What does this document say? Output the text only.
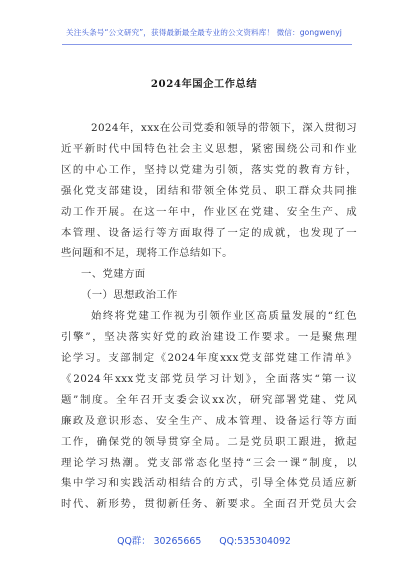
关注头条号“公文研究”，获得最新最全最专业的公文资料库！ 微信：gongwenyj
2024年国企工作总结

2024年，xxx在公司党委和领导的带领下，深入贯彻习
近平新时代中国特色社会主义思想，紧密围绕公司和作业
区的中心工作，坚持以党建为引领，落实党的教育方针，
强化党支部建设，团结和带领全体党员、职工群众共同推
动工作开展。在这一年中，作业区在党建、安全生产、成
本管理、设备运行等方面取得了一定的成就，也发现了一
些问题和不足，现将工作总结如下。

一、党建方面

（一）思想政治工作

始终将党建工作视为引领作业区高质量发展的“红色
引擎”，坚决落实好党的政治建设工作要求。一是聚焦理
论学习。支部制定《2024年度xxx党支部党建工作清单》
《2024年xxx党支部党员学习计划》，全面落实“第一议
题”制度。全年召开支委会议xx次，研究部署党建、党风
廉政及意识形态、安全生产、成本管理、设备运行等方面
工作，确保党的领导贯穿全局。二是党员职工跟进，掀起
理论学习热潮。党支部常态化坚持“三会一课”制度，以
集中学习和实践活动相结合的方式，引导全体党员适应新
时代、新形势，贯彻新任务、新要求。全面召开党员大会

QQ群： 30265665 QQ:535304092
